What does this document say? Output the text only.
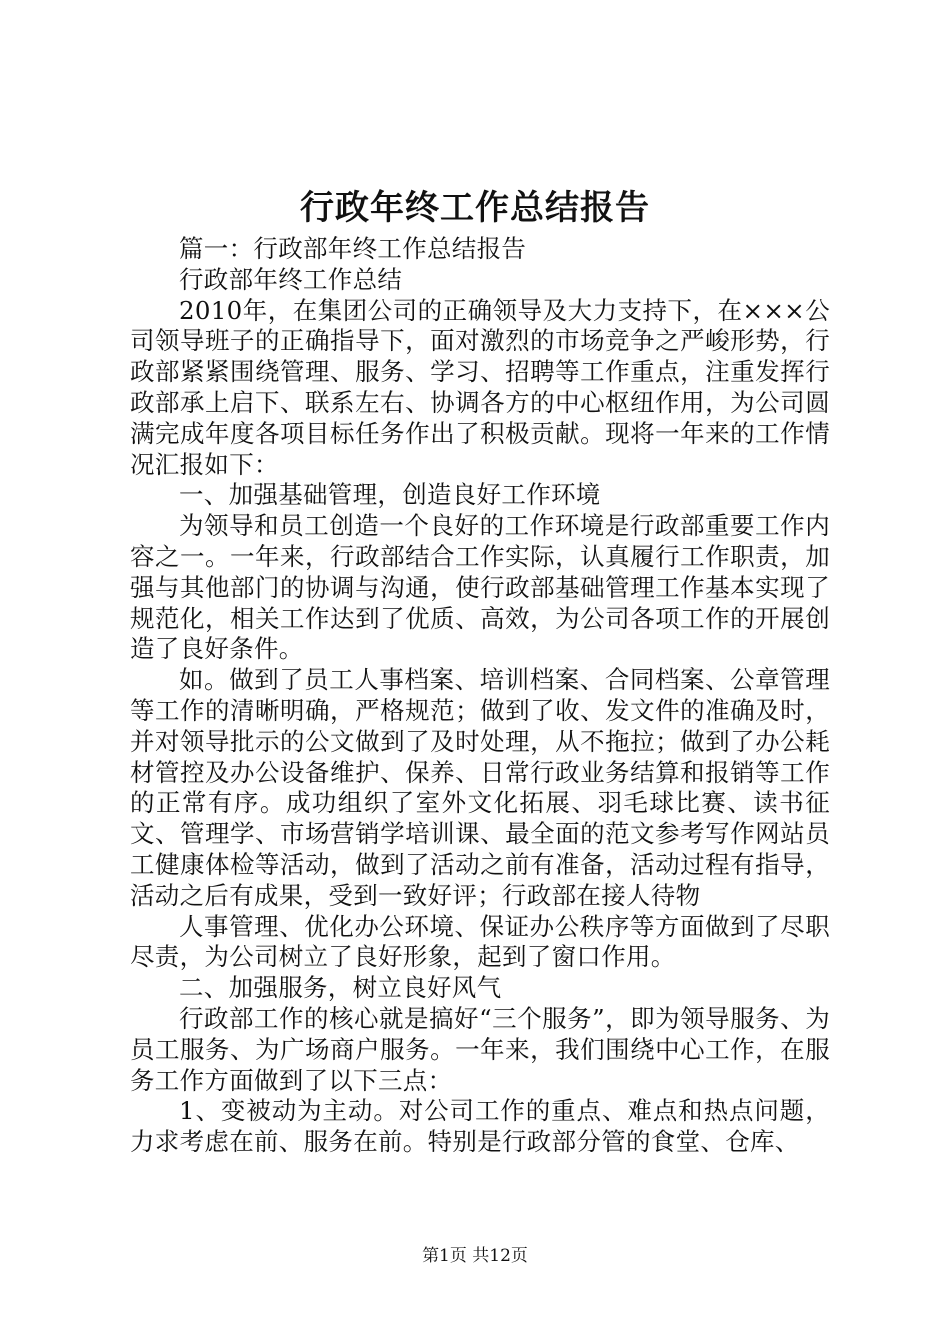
行政年终工作总结报告

篇一：行政部年终工作总结报告

行政部年终工作总结

2010年，在集团公司的正确领导及大力支持下，在×××公司领导班子的正确指导下，面对激烈的市场竞争之严峻形势，行政部紧紧围绕管理、服务、学习、招聘等工作重点，注重发挥行政部承上启下、联系左右、协调各方的中心枢纽作用，为公司圆满完成年度各项目标任务作出了积极贡献。现将一年来的工作情况汇报如下：

一、加强基础管理，创造良好工作环境

为领导和员工创造一个良好的工作环境是行政部重要工作内容之一。一年来，行政部结合工作实际，认真履行工作职责，加强与其他部门的协调与沟通，使行政部基础管理工作基本实现了规范化，相关工作达到了优质、高效，为公司各项工作的开展创造了良好条件。

如。做到了员工人事档案、培训档案、合同档案、公章管理等工作的清晰明确，严格规范；做到了收、发文件的准确及时，并对领导批示的公文做到了及时处理，从不拖拉；做到了办公耗材管控及办公设备维护、保养、日常行政业务结算和报销等工作的正常有序。成功组织了室外文化拓展、羽毛球比赛、读书征文、管理学、市场营销学培训课、最全面的范文参考写作网站员工健康体检等活动，做到了活动之前有准备，活动过程有指导，活动之后有成果，受到一致好评；行政部在接人待物

人事管理、优化办公环境、保证办公秩序等方面做到了尽职尽责，为公司树立了良好形象，起到了窗口作用。

二、加强服务，树立良好风气

行政部工作的核心就是搞好“三个服务”，即为领导服务、为员工服务、为广场商户服务。一年来，我们围绕中心工作，在服务工作方面做到了以下三点：

1、变被动为主动。对公司工作的重点、难点和热点问题，力求考虑在前、服务在前。特别是行政部分管的食堂、仓库、

第1页 共12页
